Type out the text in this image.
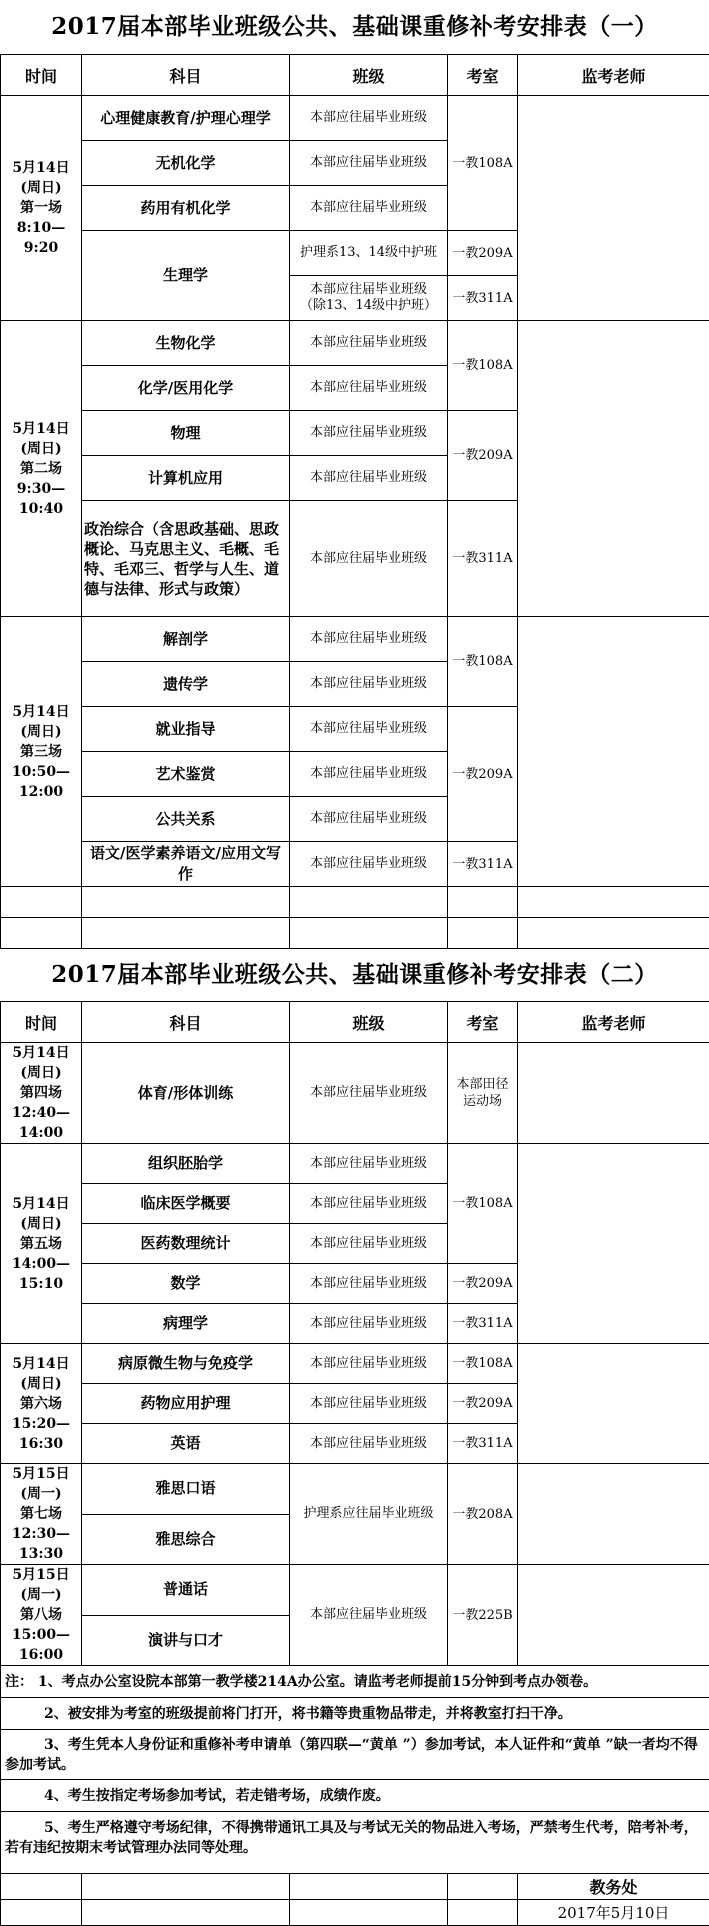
2017届本部毕业班级公共、基础课重修补考安排表（一）
时间	科目	班级	考室	监考老师
5月14日
(周日)
第一场
8:10—
9:20	心理健康教育/护理心理学	本部应往届毕业班级	一教108A	
	无机化学	本部应往届毕业班级		
	药用有机化学	本部应往届毕业班级		
	生理学	护理系13、14级中护班	一教209A	
		本部应往届毕业班级
（除13、14级中护班）	一教311A	
5月14日
(周日)
第二场
9:30—
10:40	生物化学	本部应往届毕业班级	一教108A	
	化学/医用化学	本部应往届毕业班级		
	物理	本部应往届毕业班级	一教209A	
	计算机应用	本部应往届毕业班级		
	政治综合（含思政基础、思政概论、马克思主义、毛概、毛特、毛邓三、哲学与人生、道德与法律、形式与政策）	本部应往届毕业班级	一教311A	
5月14日
(周日)
第三场
10:50—
12:00	解剖学	本部应往届毕业班级	一教108A	
	遗传学	本部应往届毕业班级		
	就业指导	本部应往届毕业班级	一教209A	
	艺术鉴赏	本部应往届毕业班级		
	公共关系	本部应往届毕业班级		
	语文/医学素养语文/应用文写作	本部应往届毕业班级	一教311A	

2017届本部毕业班级公共、基础课重修补考安排表（二）
时间	科目	班级	考室	监考老师
5月14日
(周日)
第四场
12:40—
14:00	体育/形体训练	本部应往届毕业班级	本部田径
运动场	
5月14日
(周日)
第五场
14:00—
15:10	组织胚胎学	本部应往届毕业班级	一教108A	
	临床医学概要	本部应往届毕业班级		
	医药数理统计	本部应往届毕业班级		
	数学	本部应往届毕业班级	一教209A	
	病理学	本部应往届毕业班级	一教311A	
5月14日
(周日)
第六场
15:20—
16:30	病原微生物与免疫学	本部应往届毕业班级	一教108A	
	药物应用护理	本部应往届毕业班级	一教209A	
	英语	本部应往届毕业班级	一教311A	
5月15日
(周一)
第七场
12:30—
13:30	雅思口语	护理系应往届毕业班级	一教208A	
	雅思综合			
5月15日
(周一)
第八场
15:00—
16:00	普通话	本部应往届毕业班级	一教225B	
	演讲与口才			
注： 1、考点办公室设院本部第一教学楼214A办公室。请监考老师提前15分钟到考点办领卷。				
2、被安排为考室的班级提前将门打开，将书籍等贵重物品带走，并将教室打扫干净。				
3、考生凭本人身份证和重修补考申请单（第四联—“黄单 ”）参加考试，本人证件和“黄单 ”缺一者均不得参加考试。				
4、考生按指定考场参加考试，若走错考场，成绩作废。				
5、考生严格遵守考场纪律，不得携带通讯工具及与考试无关的物品进入考场，严禁考生代考，陪考补考，若有违纪按期末考试管理办法同等处理。				
				教务处
				2017年5月10日
